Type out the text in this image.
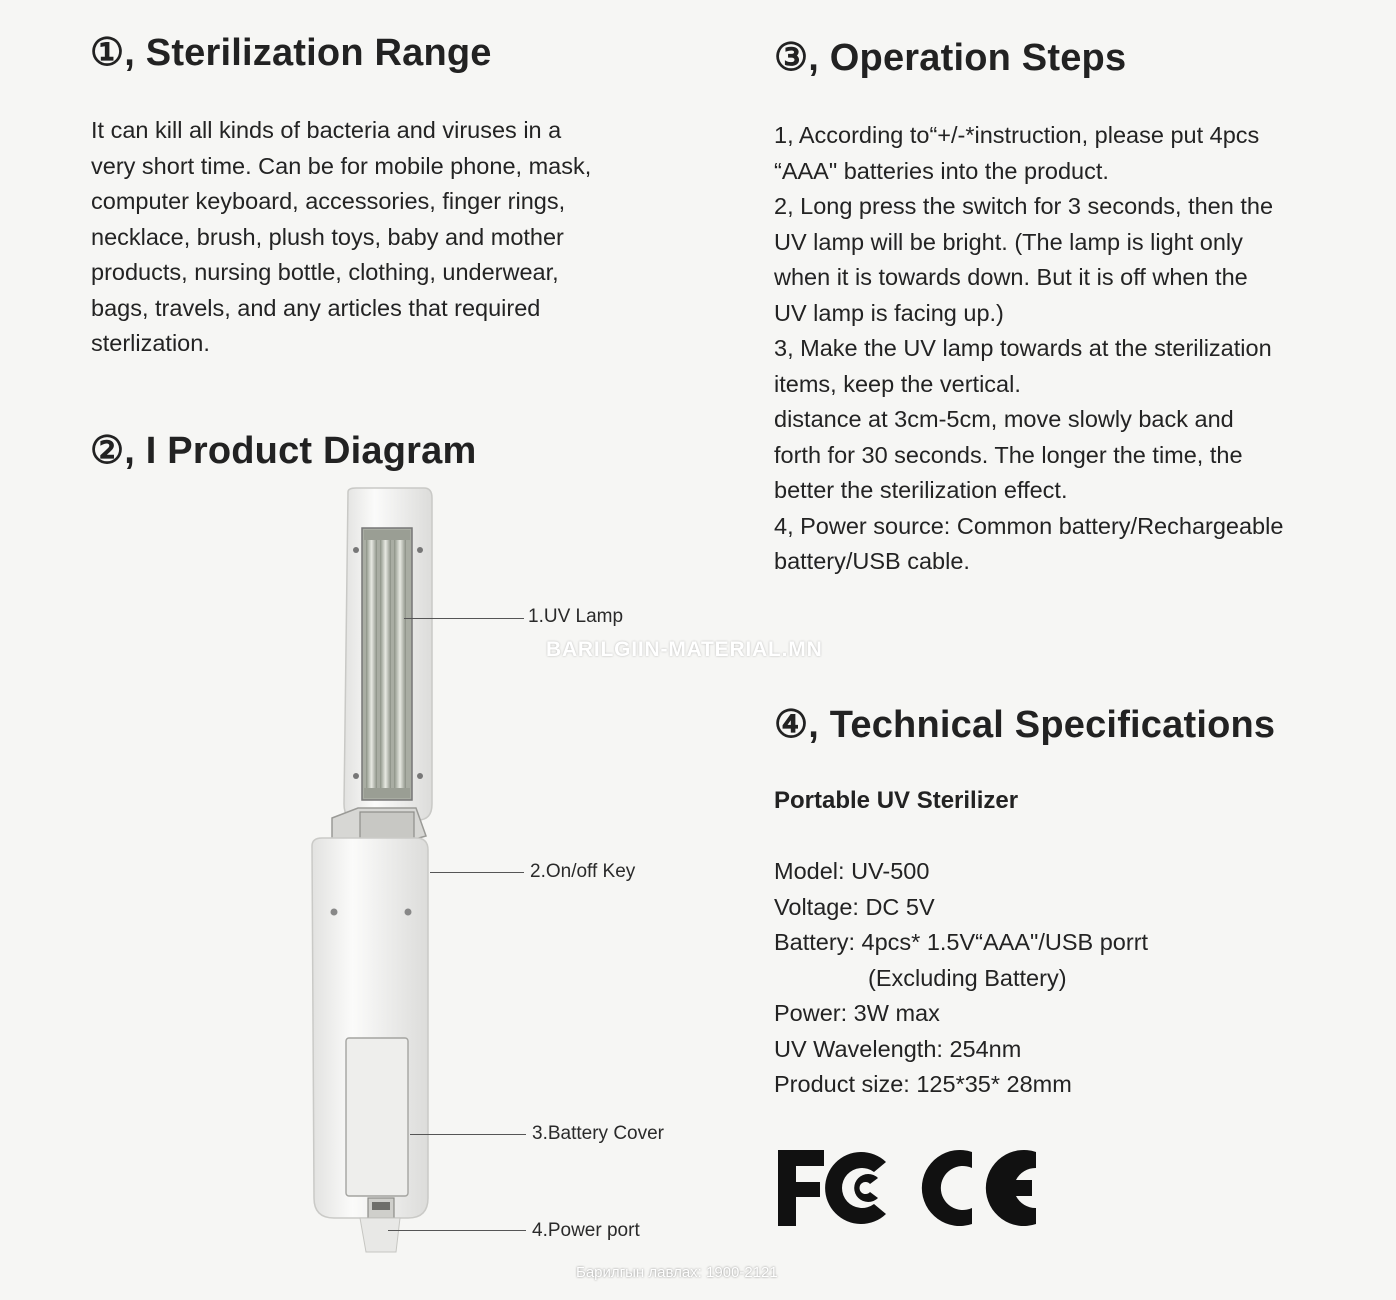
①, Sterilization Range

It can kill all kinds of bacteria and viruses in a

very short time. Can be for mobile phone, mask,

computer keyboard, accessories, finger rings,

necklace, brush, plush toys, baby and mother

products, nursing bottle, clothing, underwear,

bags, travels, and any articles that required

sterlization.

②, I Product Diagram
1.UV Lamp
2.On/off Key
3.Battery Cover
4.Power port
③, Operation Steps

1, According to“+/-*instruction, please put 4pcs

“AAA" batteries into the product.

2, Long press the switch for 3 seconds, then the

UV lamp will be bright. (The lamp is light only

when it is towards down. But it is off when the

UV lamp is facing up.)

3, Make the UV lamp towards at the sterilization

items, keep the vertical.

distance at 3cm-5cm, move slowly back and

forth for 30 seconds. The longer the time, the

better the sterilization effect.

4, Power source: Common battery/Rechargeable

battery/USB cable.

BARILGIIN-MATERIAL.MN
④, Technical Specifications
Portable UV Sterilizer
Model: UV-500
Voltage: DC 5V
Battery: 4pcs* 1.5V“AAA"/USB porrt
(Excluding Battery)
Power: 3W max
UV Wavelength: 254nm
Product size: 125*35* 28mm
Барилгын лавлах: 1900-2121
